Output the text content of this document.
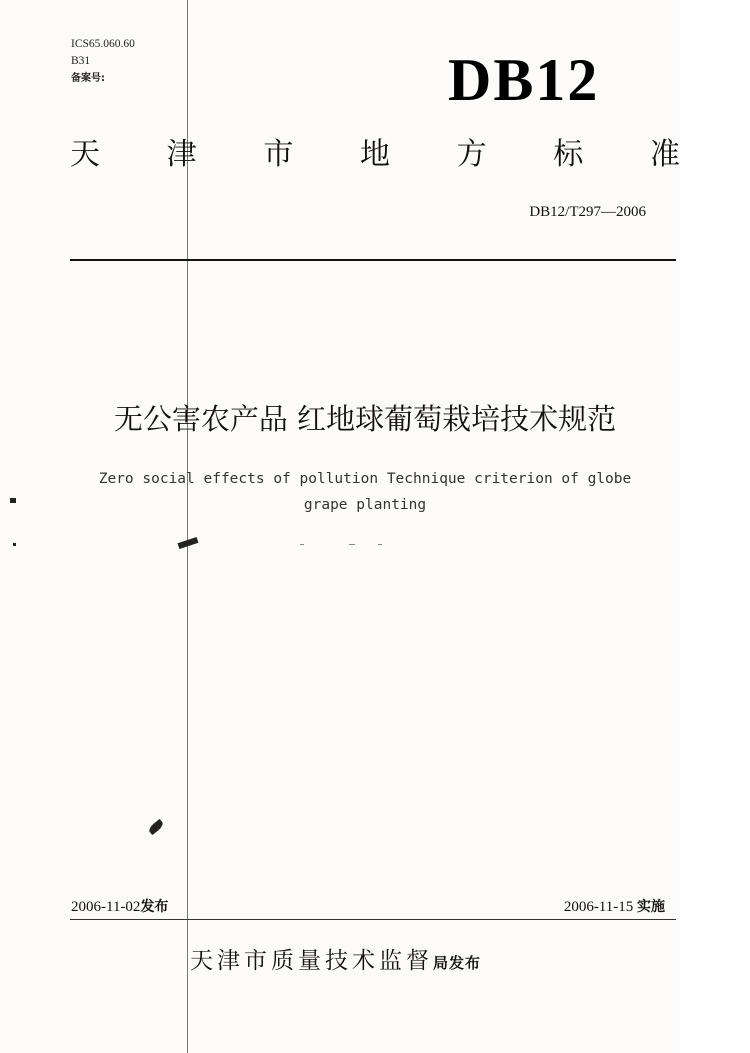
ICS65.060.60
B31
备案号:	DB12
天 津 市 地 方 标 准
DB12/T297—2006
无公害农产品 红地球葡萄栽培技术规范
Zero social effects of pollution Technique criterion of globe
grape planting
2006-11-02发布	2006-11-15 实施
天津市质量技术监督局发布
